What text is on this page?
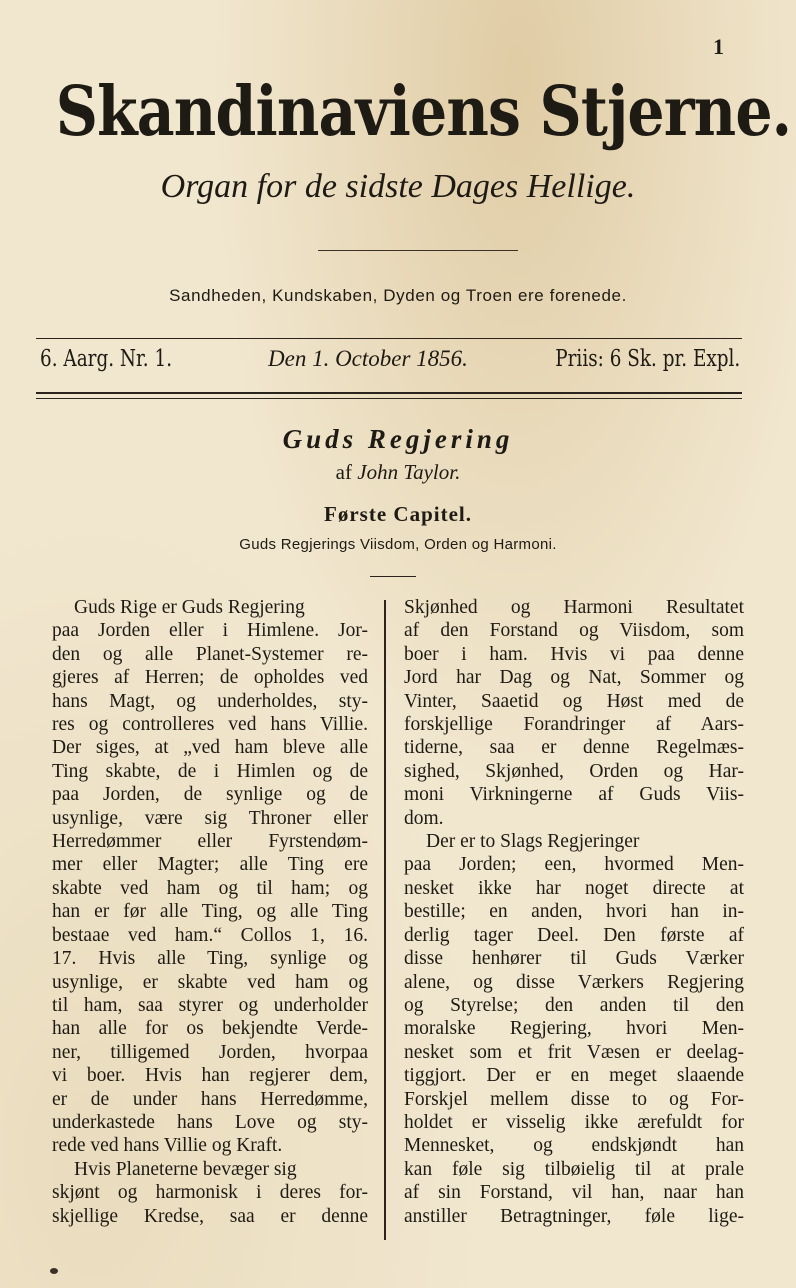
1
Skandinaviens Stjerne.
Organ for de sidste Dages Hellige.
Sandheden, Kundskaben, Dyden og Troen ere forenede.
6. Aarg. Nr. 1.	Den 1. October 1856.	Priis: 6 Sk. pr. Expl.
Guds Regjering
af John Taylor.
Første Capitel.
Guds Regjerings Viisdom, Orden og Harmoni.
Guds Rige er Guds Regjering
paa Jorden eller i Himlene. Jor-
den og alle Planet-Systemer re-
gjeres af Herren; de opholdes ved
hans Magt, og underholdes, sty-
res og controlleres ved hans Villie.
Der siges, at „ved ham bleve alle
Ting skabte, de i Himlen og de
paa Jorden, de synlige og de
usynlige, være sig Throner eller
Herredømmer eller Fyrstendøm-
mer eller Magter; alle Ting ere
skabte ved ham og til ham; og
han er før alle Ting, og alle Ting
bestaae ved ham.“ Collos 1, 16.
17. Hvis alle Ting, synlige og
usynlige, er skabte ved ham og
til ham, saa styrer og underholder
han alle for os bekjendte Verde-
ner, tilligemed Jorden, hvorpaa
vi boer. Hvis han regjerer dem,
er de under hans Herredømme,
underkastede hans Love og sty-
rede ved hans Villie og Kraft.
Hvis Planeterne bevæger sig
skjønt og harmonisk i deres for-
skjellige Kredse, saa er denne
Skjønhed og Harmoni Resultatet
af den Forstand og Viisdom, som
boer i ham. Hvis vi paa denne
Jord har Dag og Nat, Sommer og
Vinter, Saaetid og Høst med de
forskjellige Forandringer af Aars-
tiderne, saa er denne Regelmæs-
sighed, Skjønhed, Orden og Har-
moni Virkningerne af Guds Viis-
dom.
Der er to Slags Regjeringer
paa Jorden; een, hvormed Men-
nesket ikke har noget directe at
bestille; en anden, hvori han in-
derlig tager Deel. Den første af
disse henhører til Guds Værker
alene, og disse Værkers Regjering
og Styrelse; den anden til den
moralske Regjering, hvori Men-
nesket som et frit Væsen er deelag-
tiggjort. Der er en meget slaaende
Forskjel mellem disse to og For-
holdet er visselig ikke ærefuldt for
Mennesket, og endskjøndt han
kan føle sig tilbøielig til at prale
af sin Forstand, vil han, naar han
anstiller Betragtninger, føle lige-
